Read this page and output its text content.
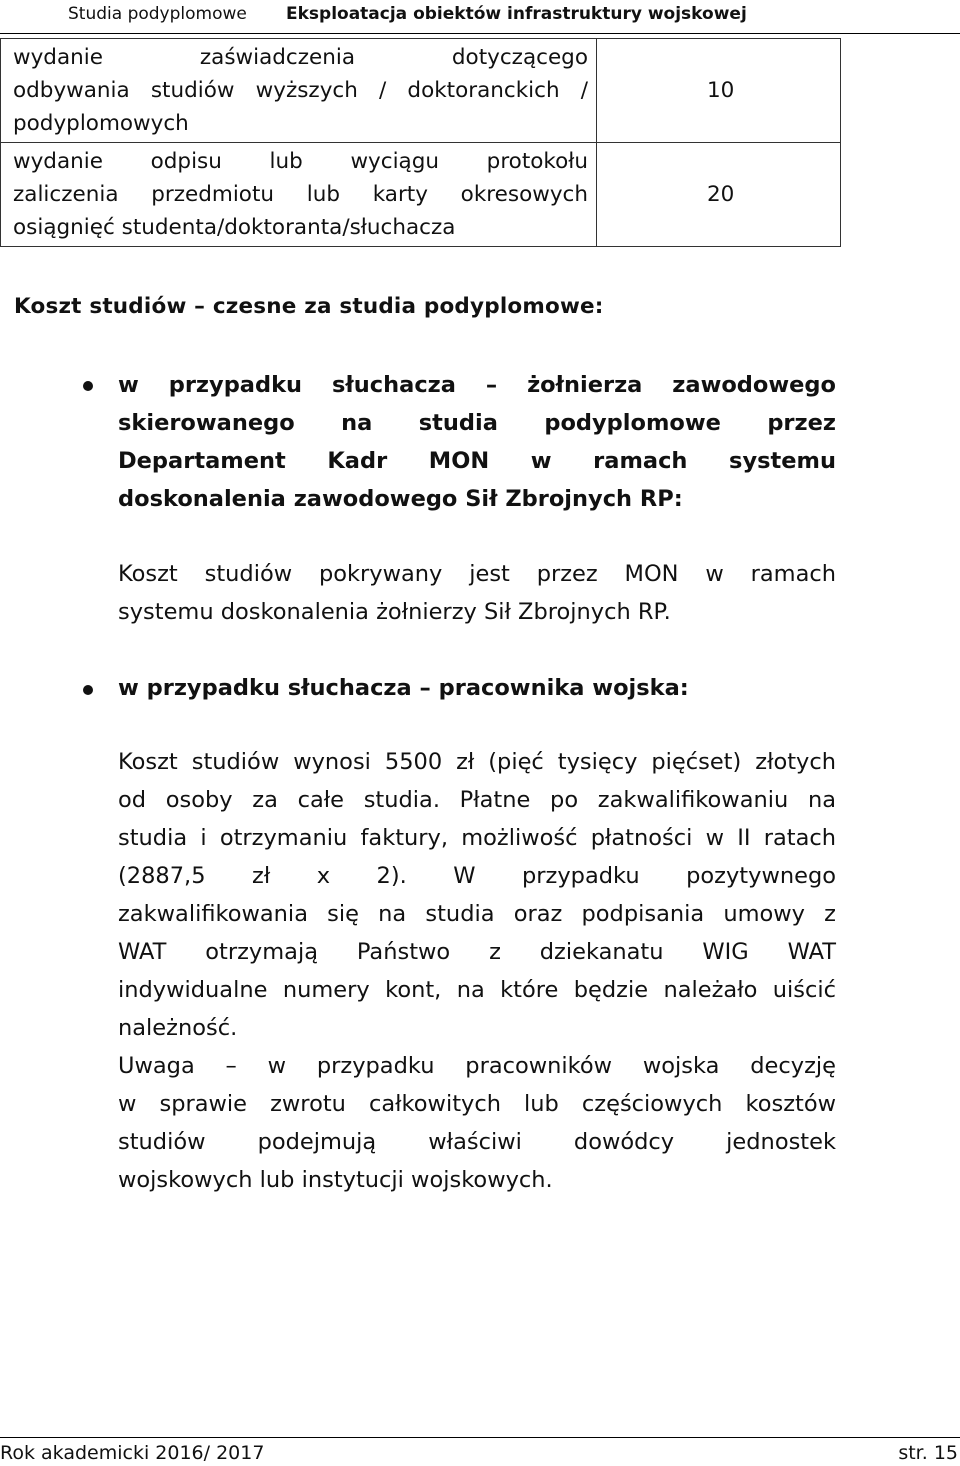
Studia podyplomowe Eksploatacja obiektów infrastruktury wojskowej
wydanie zaświadczenia dotyczącego
odbywania studiów wyższych / doktoranckich /
podyplomowych	10

wydanie odpisu lub wyciągu protokołu
zaliczenia przedmiotu lub karty okresowych
osiągnięć studenta/doktoranta/słuchacza	20
Koszt studiów – czesne za studia podyplomowe:
w przypadku słuchacza – żołnierza zawodowego
skierowanego na studia podyplomowe przez
Departament Kadr MON w ramach systemu
doskonalenia zawodowego Sił Zbrojnych RP:
Koszt studiów pokrywany jest przez MON w ramach
systemu doskonalenia żołnierzy Sił Zbrojnych RP.
w przypadku słuchacza – pracownika wojska:
Koszt studiów wynosi 5500 zł (pięć tysięcy pięćset) złotych
od osoby za całe studia. Płatne po zakwalifikowaniu na
studia i otrzymaniu faktury, możliwość płatności w II ratach
(2887,5 zł x 2). W przypadku pozytywnego
zakwalifikowania się na studia oraz podpisania umowy z
WAT otrzymają Państwo z dziekanatu WIG WAT
indywidualne numery kont, na które będzie należało uiścić
należność.
Uwaga – w przypadku pracowników wojska decyzję
w sprawie zwrotu całkowitych lub częściowych kosztów
studiów podejmują właściwi dowódcy jednostek
wojskowych lub instytucji wojskowych.
Rok akademicki 2016/ 2017	str. 15
